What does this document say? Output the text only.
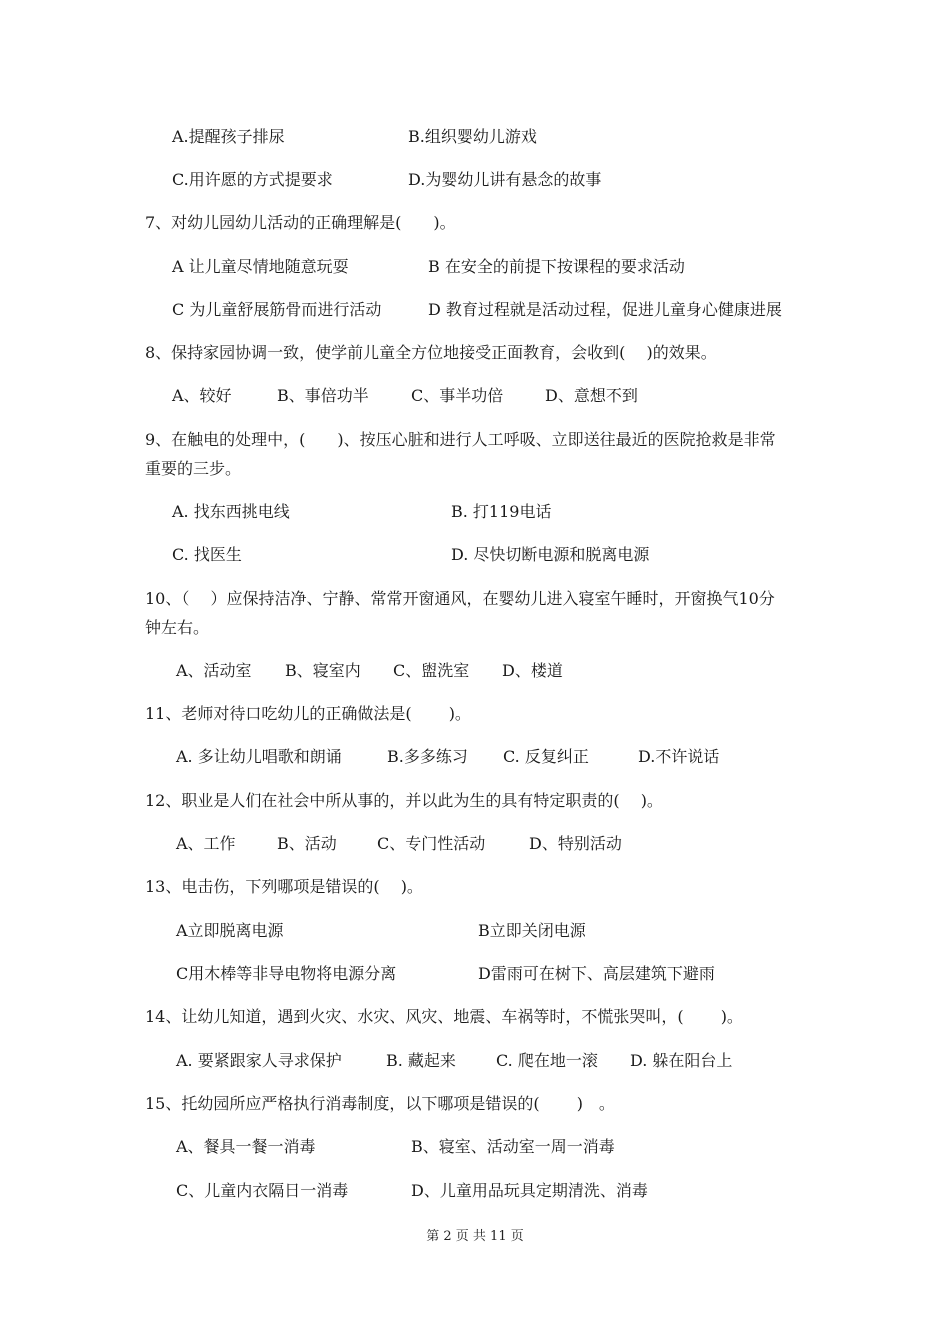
A.提醒孩子排尿	B.组织婴幼儿游戏
C.用许愿的方式提要求	D.为婴幼儿讲有悬念的故事
7、对幼儿园幼儿活动的正确理解是(　　)。
A 让儿童尽情地随意玩耍	B 在安全的前提下按课程的要求活动
C 为儿童舒展筋骨而进行活动	D 教育过程就是活动过程，促进儿童身心健康进展
8、保持家园协调一致，使学前儿童全方位地接受正面教育，会收到(　 )的效果。
A、较好	B、事倍功半	C、事半功倍	D、意想不到
9、在触电的处理中，(　　)、按压心脏和进行人工呼吸、立即送往最近的医院抢救是非常
重要的三步。
A. 找东西挑电线	B. 打119电话
C. 找医生	D. 尽快切断电源和脱离电源
10、（　 ）应保持洁净、宁静、常常开窗通风，在婴幼儿进入寝室午睡时，开窗换气10分
钟左右。
A、活动室 B、寝室内 C、盥洗室 D、楼道
11、老师对待口吃幼儿的正确做法是(　 　)。
A. 多让幼儿唱歌和朗诵	B.多多练习 C. 反复纠正	D.不许说话
12、职业是人们在社会中所从事的，并以此为生的具有特定职责的(　 )。
A、工作	B、活动	C、专门性活动	D、特别活动
13、电击伤，下列哪项是错误的(　 )。
A立即脱离电源	B立即关闭电源
C用木棒等非导电物将电源分离	D雷雨可在树下、高层建筑下避雨
14、让幼儿知道，遇到火灾、水灾、风灾、地震、车祸等时，不慌张哭叫，(　 　)。
A. 要紧跟家人寻求保护	B. 藏起来	C. 爬在地一滚 D. 躲在阳台上
15、托幼园所应严格执行消毒制度，以下哪项是错误的(　 　)　。
A、餐具一餐一消毒	B、寝室、活动室一周一消毒
C、儿童内衣隔日一消毒	D、儿童用品玩具定期清洗、消毒
第 2 页 共 11 页
